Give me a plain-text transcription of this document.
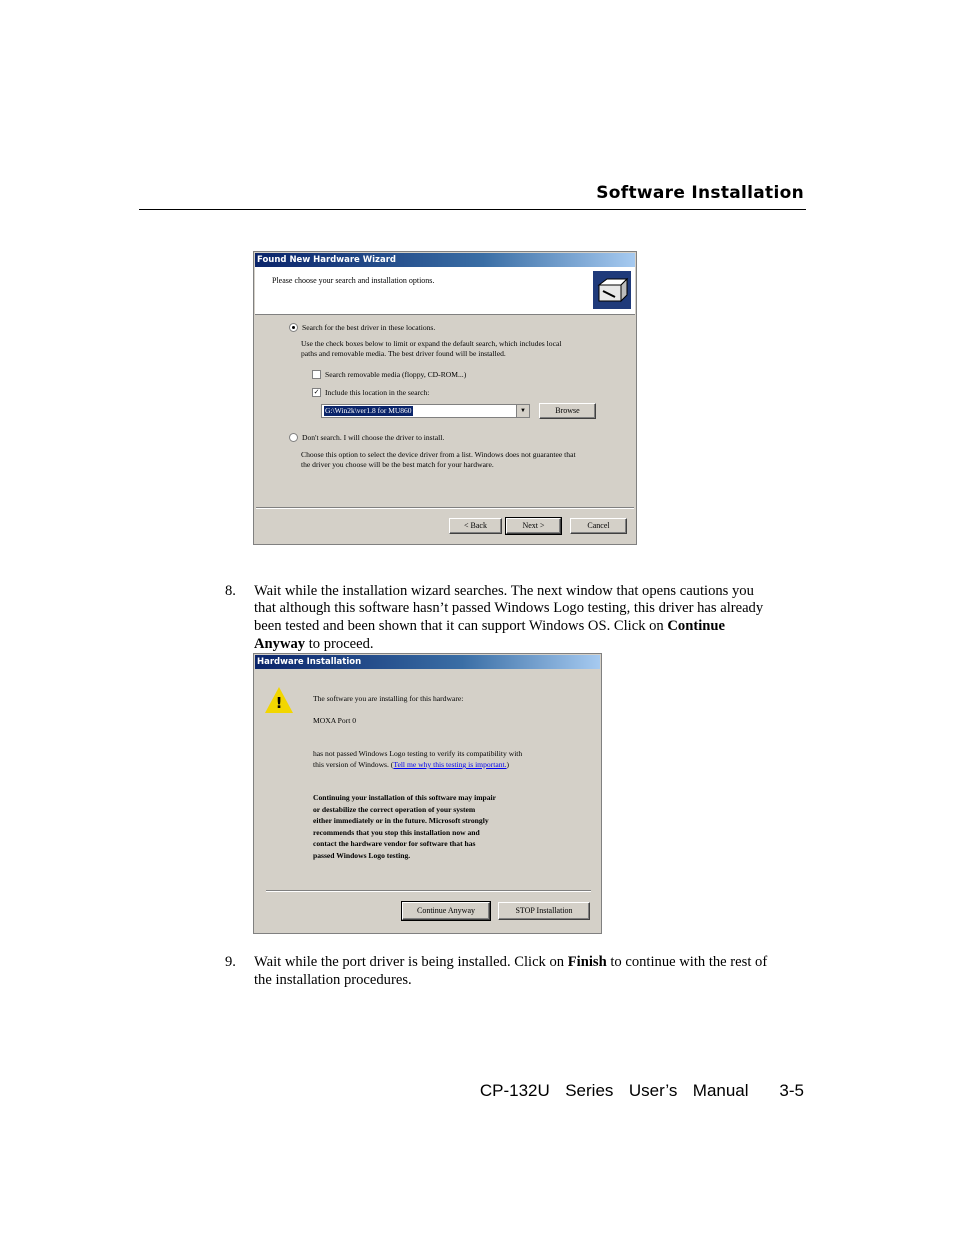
Software Installation
Found New Hardware Wizard
Please choose your search and installation options.
Search for the best driver in these locations.
Use the check boxes below to limit or expand the default search, which includes local
paths and removable media. The best driver found will be installed.
Search removable media (floppy, CD-ROM...)
✓ Include this location in the search:
G:\Win2k\ver1.8 for MU860	▼	Browse
Don't search. I will choose the driver to install.
Choose this option to select the device driver from a list. Windows does not guarantee that
the driver you choose will be the best match for your hardware.
< Back	Next >	Cancel
8. Wait while the installation wizard searches. The next window that opens cautions you
that although this software hasn’t passed Windows Logo testing, this driver has already
been tested and been shown that it can support Windows OS. Click on Continue
Anyway to proceed.
Hardware Installation
!	The software you are installing for this hardware:
MOXA Port 0
has not passed Windows Logo testing to verify its compatibility with
this version of Windows. (Tell me why this testing is important.)
Continuing your installation of this software may impair
or destabilize the correct operation of your system
either immediately or in the future. Microsoft strongly
recommends that you stop this installation now and
contact the hardware vendor for software that has
passed Windows Logo testing.
Continue Anyway	STOP Installation
9. Wait while the port driver is being installed. Click on Finish to continue with the rest of
the installation procedures.
CP-132U  Series  User’s  Manual    3-5
